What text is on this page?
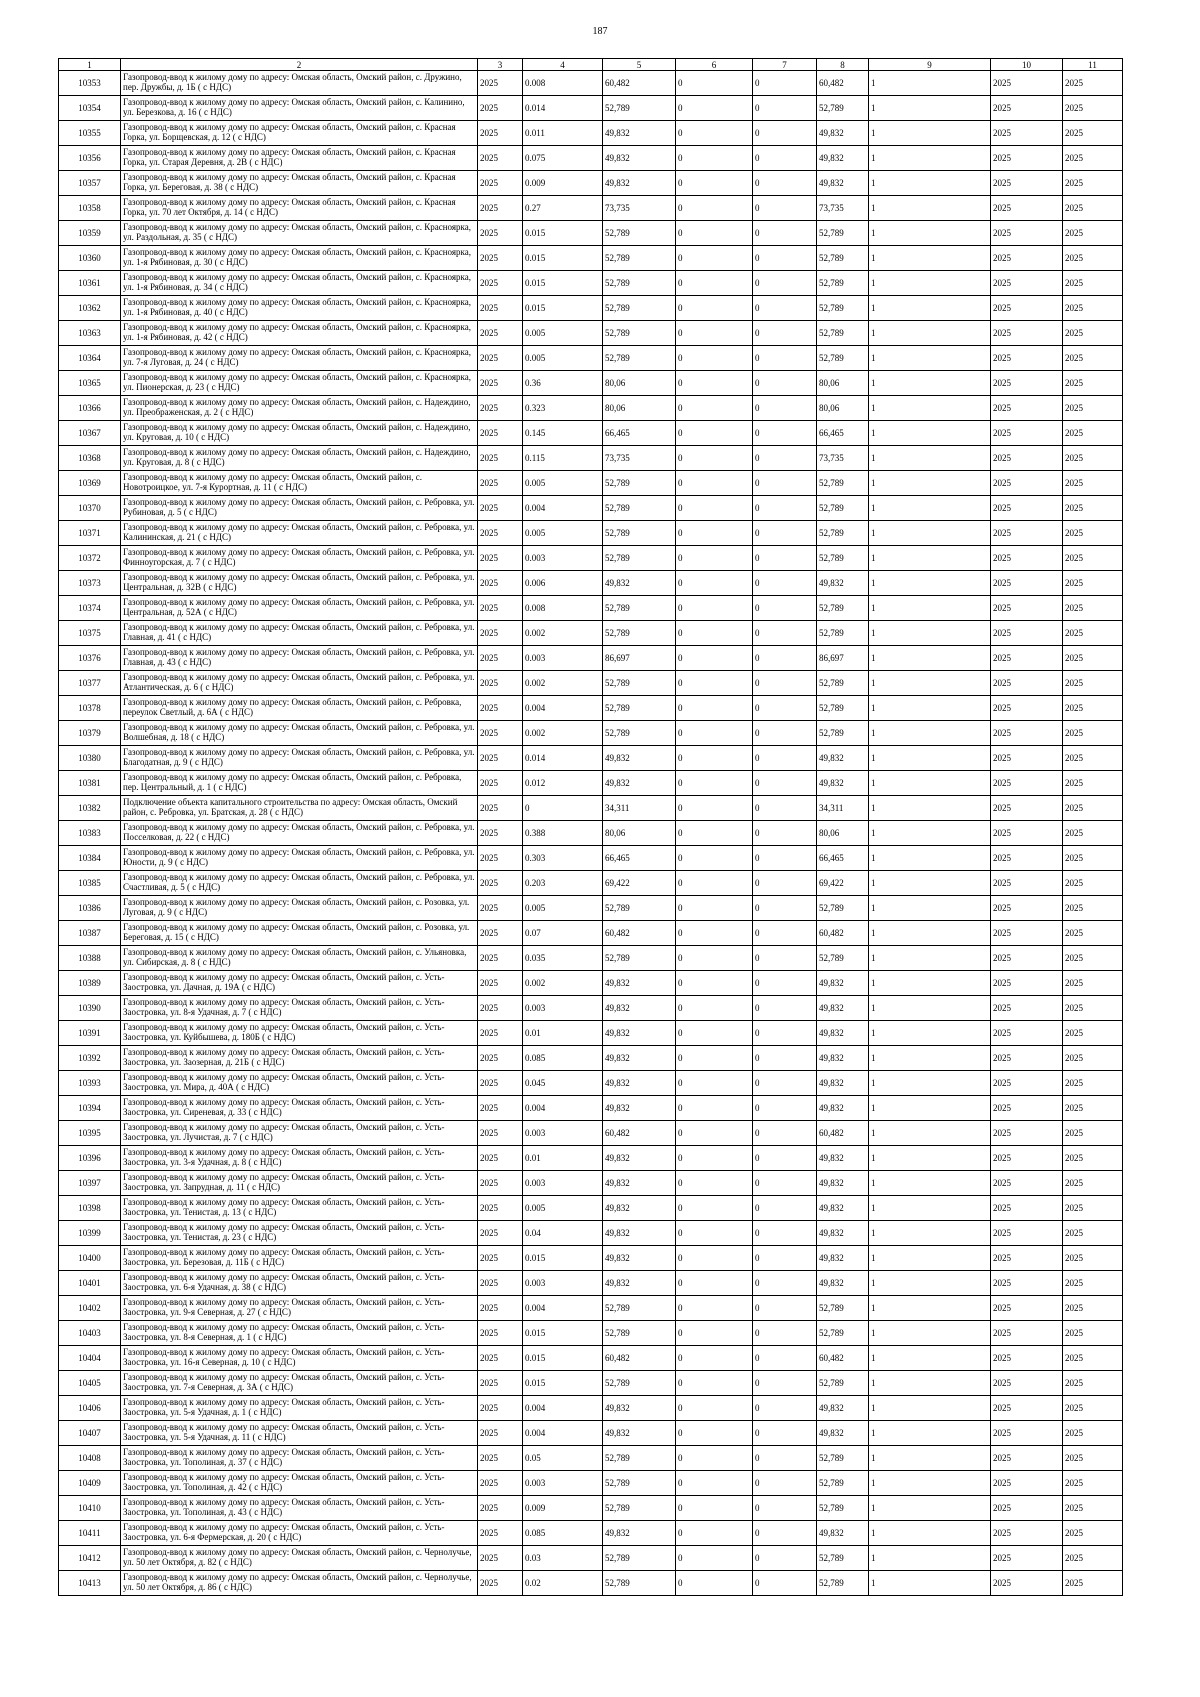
187
1	2	3	4	5	6	7	8	9	10	11
10353	Газопровод-ввод к жилому дому по адресу: Омская область, Омский район, с. Дружино, пер. Дружбы, д. 1Б ( с НДС)	2025	0.008	60,482	0	0	60,482	1	2025	2025
10354	Газопровод-ввод к жилому дому по адресу: Омская область, Омский район, с. Калинино, ул. Березкова, д. 16 ( с НДС)	2025	0.014	52,789	0	0	52,789	1	2025	2025
10355	Газопровод-ввод к жилому дому по адресу: Омская область, Омский район, с. Красная Горка, ул. Борщевская, д. 12 ( с НДС)	2025	0.011	49,832	0	0	49,832	1	2025	2025
10356	Газопровод-ввод к жилому дому по адресу: Омская область, Омский район, с. Красная Горка, ул. Старая Деревня, д. 2В ( с НДС)	2025	0.075	49,832	0	0	49,832	1	2025	2025
10357	Газопровод-ввод к жилому дому по адресу: Омская область, Омский район, с. Красная Горка, ул. Береговая, д. 38 ( с НДС)	2025	0.009	49,832	0	0	49,832	1	2025	2025
10358	Газопровод-ввод к жилому дому по адресу: Омская область, Омский район, с. Красная Горка, ул. 70 лет Октября, д. 14 ( с НДС)	2025	0.27	73,735	0	0	73,735	1	2025	2025
10359	Газопровод-ввод к жилому дому по адресу: Омская область, Омский район, с. Красноярка, ул. Раздольная, д. 35 ( с НДС)	2025	0.015	52,789	0	0	52,789	1	2025	2025
10360	Газопровод-ввод к жилому дому по адресу: Омская область, Омский район, с. Красноярка, ул. 1-я Рябиновая, д. 30 ( с НДС)	2025	0.015	52,789	0	0	52,789	1	2025	2025
10361	Газопровод-ввод к жилому дому по адресу: Омская область, Омский район, с. Красноярка, ул. 1-я Рябиновая, д. 34 ( с НДС)	2025	0.015	52,789	0	0	52,789	1	2025	2025
10362	Газопровод-ввод к жилому дому по адресу: Омская область, Омский район, с. Красноярка, ул. 1-я Рябиновая, д. 40 ( с НДС)	2025	0.015	52,789	0	0	52,789	1	2025	2025
10363	Газопровод-ввод к жилому дому по адресу: Омская область, Омский район, с. Красноярка, ул. 1-я Рябиновая, д. 42 ( с НДС)	2025	0.005	52,789	0	0	52,789	1	2025	2025
10364	Газопровод-ввод к жилому дому по адресу: Омская область, Омский район, с. Красноярка, ул. 7-я Луговая, д. 24 ( с НДС)	2025	0.005	52,789	0	0	52,789	1	2025	2025
10365	Газопровод-ввод к жилому дому по адресу: Омская область, Омский район, с. Красноярка, ул. Пионерская, д. 23 ( с НДС)	2025	0.36	80,06	0	0	80,06	1	2025	2025
10366	Газопровод-ввод к жилому дому по адресу: Омская область, Омский район, с. Надеждино, ул. Преображенская, д. 2 ( с НДС)	2025	0.323	80,06	0	0	80,06	1	2025	2025
10367	Газопровод-ввод к жилому дому по адресу: Омская область, Омский район, с. Надеждино, ул. Круговая, д. 10 ( с НДС)	2025	0.145	66,465	0	0	66,465	1	2025	2025
10368	Газопровод-ввод к жилому дому по адресу: Омская область, Омский район, с. Надеждино, ул. Круговая, д. 8 ( с НДС)	2025	0.115	73,735	0	0	73,735	1	2025	2025
10369	Газопровод-ввод к жилому дому по адресу: Омская область, Омский район, с. Новотроицкое, ул. 7-я Курортная, д. 11 ( с НДС)	2025	0.005	52,789	0	0	52,789	1	2025	2025
10370	Газопровод-ввод к жилому дому по адресу: Омская область, Омский район, с. Ребровка, ул. Рубиновая, д. 5 ( с НДС)	2025	0.004	52,789	0	0	52,789	1	2025	2025
10371	Газопровод-ввод к жилому дому по адресу: Омская область, Омский район, с. Ребровка, ул. Калининская, д. 21 ( с НДС)	2025	0.005	52,789	0	0	52,789	1	2025	2025
10372	Газопровод-ввод к жилому дому по адресу: Омская область, Омский район, с. Ребровка, ул. Финноугорская, д. 7 ( с НДС)	2025	0.003	52,789	0	0	52,789	1	2025	2025
10373	Газопровод-ввод к жилому дому по адресу: Омская область, Омский район, с. Ребровка, ул. Центральная, д. 32В ( с НДС)	2025	0.006	49,832	0	0	49,832	1	2025	2025
10374	Газопровод-ввод к жилому дому по адресу: Омская область, Омский район, с. Ребровка, ул. Центральная, д. 52А ( с НДС)	2025	0.008	52,789	0	0	52,789	1	2025	2025
10375	Газопровод-ввод к жилому дому по адресу: Омская область, Омский район, с. Ребровка, ул. Главная, д. 41 ( с НДС)	2025	0.002	52,789	0	0	52,789	1	2025	2025
10376	Газопровод-ввод к жилому дому по адресу: Омская область, Омский район, с. Ребровка, ул. Главная, д. 43 ( с НДС)	2025	0.003	86,697	0	0	86,697	1	2025	2025
10377	Газопровод-ввод к жилому дому по адресу: Омская область, Омский район, с. Ребровка, ул. Атлантическая, д. 6 ( с НДС)	2025	0.002	52,789	0	0	52,789	1	2025	2025
10378	Газопровод-ввод к жилому дому по адресу: Омская область, Омский район, с. Ребровка, переулок Светлый, д. 6А ( с НДС)	2025	0.004	52,789	0	0	52,789	1	2025	2025
10379	Газопровод-ввод к жилому дому по адресу: Омская область, Омский район, с. Ребровка, ул. Волшебная, д. 18 ( с НДС)	2025	0.002	52,789	0	0	52,789	1	2025	2025
10380	Газопровод-ввод к жилому дому по адресу: Омская область, Омский район, с. Ребровка, ул. Благодатная, д. 9 ( с НДС)	2025	0.014	49,832	0	0	49,832	1	2025	2025
10381	Газопровод-ввод к жилому дому по адресу: Омская область, Омский район, с. Ребровка, пер. Центральный, д. 1 ( с НДС)	2025	0.012	49,832	0	0	49,832	1	2025	2025
10382	Подключение объекта капитального строительства по адресу: Омская область, Омский район, с. Ребровка, ул. Братская, д. 28 ( с НДС)	2025	0	34,311	0	0	34,311	1	2025	2025
10383	Газопровод-ввод к жилому дому по адресу: Омская область, Омский район, с. Ребровка, ул. Посселковая, д. 22 ( с НДС)	2025	0.388	80,06	0	0	80,06	1	2025	2025
10384	Газопровод-ввод к жилому дому по адресу: Омская область, Омский район, с. Ребровка, ул. Юности, д. 9 ( с НДС)	2025	0.303	66,465	0	0	66,465	1	2025	2025
10385	Газопровод-ввод к жилому дому по адресу: Омская область, Омский район, с. Ребровка, ул. Счастливая, д. 5 ( с НДС)	2025	0.203	69,422	0	0	69,422	1	2025	2025
10386	Газопровод-ввод к жилому дому по адресу: Омская область, Омский район, с. Розовка, ул. Луговая, д. 9 ( с НДС)	2025	0.005	52,789	0	0	52,789	1	2025	2025
10387	Газопровод-ввод к жилому дому по адресу: Омская область, Омский район, с. Розовка, ул. Береговая, д. 15 ( с НДС)	2025	0.07	60,482	0	0	60,482	1	2025	2025
10388	Газопровод-ввод к жилому дому по адресу: Омская область, Омский район, с. Ульяновка, ул. Сибирская, д. 8 ( с НДС)	2025	0.035	52,789	0	0	52,789	1	2025	2025
10389	Газопровод-ввод к жилому дому по адресу: Омская область, Омский район, с. Усть-Заостровка, ул. Дачная, д. 19А ( с НДС)	2025	0.002	49,832	0	0	49,832	1	2025	2025
10390	Газопровод-ввод к жилому дому по адресу: Омская область, Омский район, с. Усть-Заостровка, ул. 8-я Удачная, д. 7 ( с НДС)	2025	0.003	49,832	0	0	49,832	1	2025	2025
10391	Газопровод-ввод к жилому дому по адресу: Омская область, Омский район, с. Усть-Заостровка, ул. Куйбышева, д. 180Б ( с НДС)	2025	0.01	49,832	0	0	49,832	1	2025	2025
10392	Газопровод-ввод к жилому дому по адресу: Омская область, Омский район, с. Усть-Заостровка, ул. Заозерная, д. 21Б ( с НДС)	2025	0.085	49,832	0	0	49,832	1	2025	2025
10393	Газопровод-ввод к жилому дому по адресу: Омская область, Омский район, с. Усть-Заостровка, ул. Мира, д. 40А ( с НДС)	2025	0.045	49,832	0	0	49,832	1	2025	2025
10394	Газопровод-ввод к жилому дому по адресу: Омская область, Омский район, с. Усть-Заостровка, ул. Сиреневая, д. 33 ( с НДС)	2025	0.004	49,832	0	0	49,832	1	2025	2025
10395	Газопровод-ввод к жилому дому по адресу: Омская область, Омский район, с. Усть-Заостровка, ул. Лучистая, д. 7 ( с НДС)	2025	0.003	60,482	0	0	60,482	1	2025	2025
10396	Газопровод-ввод к жилому дому по адресу: Омская область, Омский район, с. Усть-Заостровка, ул. 3-я Удачная, д. 8 ( с НДС)	2025	0.01	49,832	0	0	49,832	1	2025	2025
10397	Газопровод-ввод к жилому дому по адресу: Омская область, Омский район, с. Усть-Заостровка, ул. Запрудная, д. 11 ( с НДС)	2025	0.003	49,832	0	0	49,832	1	2025	2025
10398	Газопровод-ввод к жилому дому по адресу: Омская область, Омский район, с. Усть-Заостровка, ул. Тенистая, д. 13 ( с НДС)	2025	0.005	49,832	0	0	49,832	1	2025	2025
10399	Газопровод-ввод к жилому дому по адресу: Омская область, Омский район, с. Усть-Заостровка, ул. Тенистая, д. 23 ( с НДС)	2025	0.04	49,832	0	0	49,832	1	2025	2025
10400	Газопровод-ввод к жилому дому по адресу: Омская область, Омский район, с. Усть-Заостровка, ул. Березовая, д. 11Б ( с НДС)	2025	0.015	49,832	0	0	49,832	1	2025	2025
10401	Газопровод-ввод к жилому дому по адресу: Омская область, Омский район, с. Усть-Заостровка, ул. 6-я Удачная, д. 38 ( с НДС)	2025	0.003	49,832	0	0	49,832	1	2025	2025
10402	Газопровод-ввод к жилому дому по адресу: Омская область, Омский район, с. Усть-Заостровка, ул. 9-я Северная, д. 27 ( с НДС)	2025	0.004	52,789	0	0	52,789	1	2025	2025
10403	Газопровод-ввод к жилому дому по адресу: Омская область, Омский район, с. Усть-Заостровка, ул. 8-я Северная, д. 1 ( с НДС)	2025	0.015	52,789	0	0	52,789	1	2025	2025
10404	Газопровод-ввод к жилому дому по адресу: Омская область, Омский район, с. Усть-Заостровка, ул. 16-я Северная, д. 10 ( с НДС)	2025	0.015	60,482	0	0	60,482	1	2025	2025
10405	Газопровод-ввод к жилому дому по адресу: Омская область, Омский район, с. Усть-Заостровка, ул. 7-я Северная, д. 3А ( с НДС)	2025	0.015	52,789	0	0	52,789	1	2025	2025
10406	Газопровод-ввод к жилому дому по адресу: Омская область, Омский район, с. Усть-Заостровка, ул. 5-я Удачная, д. 1 ( с НДС)	2025	0.004	49,832	0	0	49,832	1	2025	2025
10407	Газопровод-ввод к жилому дому по адресу: Омская область, Омский район, с. Усть-Заостровка, ул. 5-я Удачная, д. 11 ( с НДС)	2025	0.004	49,832	0	0	49,832	1	2025	2025
10408	Газопровод-ввод к жилому дому по адресу: Омская область, Омский район, с. Усть-Заостровка, ул. Тополиная, д. 37 ( с НДС)	2025	0.05	52,789	0	0	52,789	1	2025	2025
10409	Газопровод-ввод к жилому дому по адресу: Омская область, Омский район, с. Усть-Заостровка, ул. Тополиная, д. 42 ( с НДС)	2025	0.003	52,789	0	0	52,789	1	2025	2025
10410	Газопровод-ввод к жилому дому по адресу: Омская область, Омский район, с. Усть-Заостровка, ул. Тополиная, д. 43 ( с НДС)	2025	0.009	52,789	0	0	52,789	1	2025	2025
10411	Газопровод-ввод к жилому дому по адресу: Омская область, Омский район, с. Усть-Заостровка, ул. 6-я Фермерская, д. 20 ( с НДС)	2025	0.085	49,832	0	0	49,832	1	2025	2025
10412	Газопровод-ввод к жилому дому по адресу: Омская область, Омский район, с. Чернолучье, ул. 50 лет Октября, д. 82 ( с НДС)	2025	0.03	52,789	0	0	52,789	1	2025	2025
10413	Газопровод-ввод к жилому дому по адресу: Омская область, Омский район, с. Чернолучье, ул. 50 лет Октября, д. 86 ( с НДС)	2025	0.02	52,789	0	0	52,789	1	2025	2025
